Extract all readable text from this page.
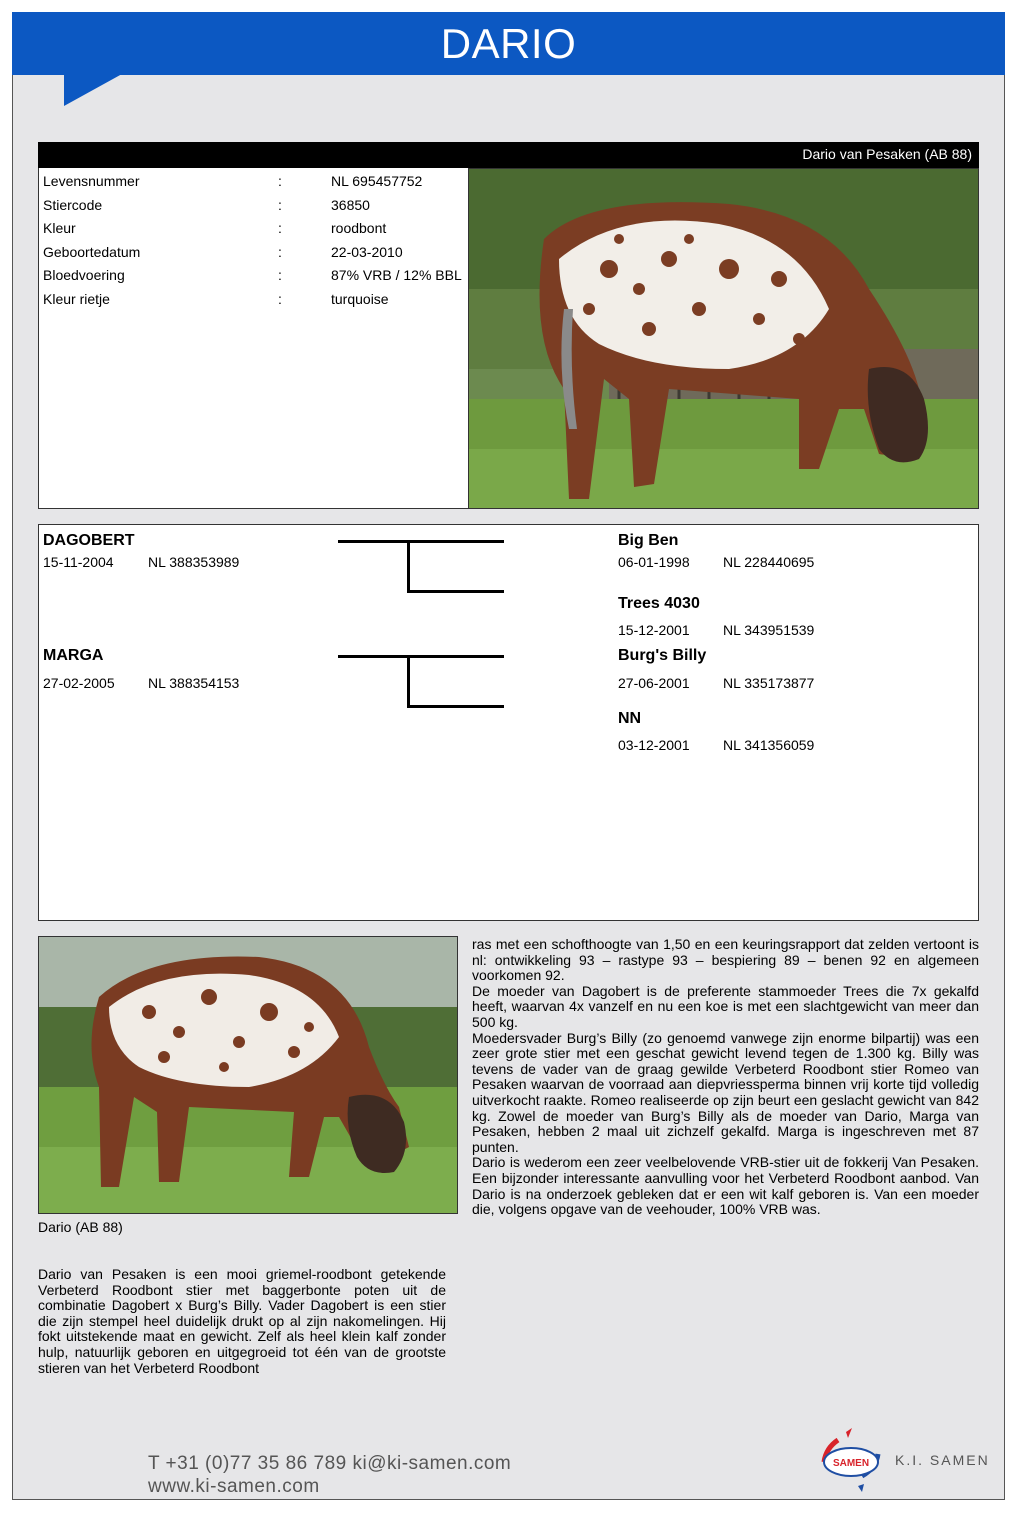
DARIO
Dario van Pesaken (AB 88)
Levensnummer	:	NL 695457752
Stiercode	:	36850
Kleur	:	roodbont
Geboortedatum	:	22-03-2010
Bloedvoering	:	87% VRB / 12% BBL
Kleur rietje	:	turquoise
DAGOBERT
15-11-2004 NL 388353989
MARGA
27-02-2005 NL 388354153
Big Ben
06-01-1998 NL 228440695
Trees 4030
15-12-2001 NL 343951539
Burg's Billy
27-06-2001 NL 335173877
NN
03-12-2001 NL 341356059
Dario (AB 88)

ras met een schofthoogte van 1,50 en een keuringsrapport dat zelden vertoont is nl: ontwikkeling 93 – rastype 93 – bespiering 89 – benen 92 en algemeen voorkomen 92.

De moeder van Dagobert is de preferente stammoeder Trees die 7x gekalfd heeft, waarvan 4x vanzelf en nu een koe is met een slachtgewicht van meer dan 500 kg.

Moedersvader Burg’s Billy (zo genoemd vanwege zijn enorme bilpartij) was een zeer grote stier met een geschat gewicht levend tegen de 1.300 kg. Billy was tevens de vader van de graag gewilde Verbeterd Roodbont stier Romeo van Pesaken waarvan de voorraad aan diepvriessperma binnen vrij korte tijd volledig uitverkocht raakte. Romeo realiseerde op zijn beurt een geslacht gewicht van 842 kg. Zowel de moeder van Burg’s Billy als de moeder van Dario, Marga van Pesaken, hebben 2 maal uit zichzelf gekalfd. Marga is ingeschreven met 87 punten.

Dario is wederom een zeer veelbelovende VRB-stier uit de fokkerij Van Pesaken. Een bijzonder interessante aanvulling voor het Verbeterd Roodbont aanbod. Van Dario is na onderzoek gebleken dat er een wit kalf geboren is. Van een moeder die, volgens opgave van de veehouder, 100% VRB was.

Dario van Pesaken is een mooi griemel-roodbont getekende Verbeterd Roodbont stier met baggerbonte poten uit de combinatie Dagobert x Burg’s Billy. Vader Dagobert is een stier die zijn stempel heel duidelijk drukt op al zijn nakomelingen. Hij fokt uitstekende maat en gewicht. Zelf als heel klein kalf zonder hulp, natuurlijk geboren en uitgegroeid tot één van de grootste stieren van het Verbeterd Roodbont

T +31 (0)77 35 86 789 ki@ki-samen.com
www.ki-samen.com
SAMEN K.I. SAMEN
